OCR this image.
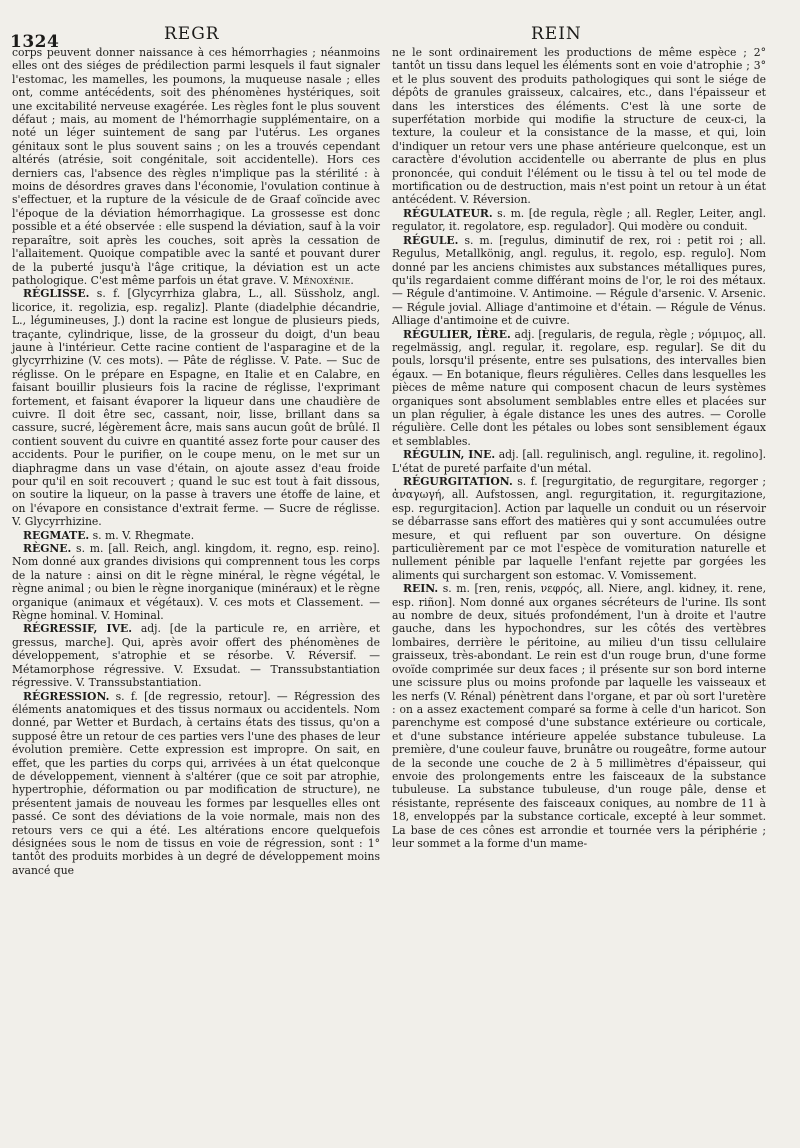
1324	REGR	REIN

corps peuvent donner naissance à ces hémorrhagies ; néanmoins elles ont des siéges de prédilection parmi lesquels il faut signaler l'estomac, les mamelles, les poumons, la muqueuse nasale ; elles ont, comme antécédents, soit des phénomènes hystériques, soit une excitabilité nerveuse exagérée. Les règles font le plus souvent défaut ; mais, au moment de l'hémorrhagie supplémentaire, on a noté un léger suintement de sang par l'utérus. Les organes génitaux sont le plus souvent sains ; on les a trouvés cependant altérés (atrésie, soit congénitale, soit accidentelle). Hors ces derniers cas, l'absence des règles n'implique pas la stérilité : à moins de désordres graves dans l'économie, l'ovulation continue à s'effectuer, et la rupture de la vésicule de de Graaf coïncide avec l'époque de la déviation hémorrhagique. La grossesse est donc possible et a été observée : elle suspend la déviation, sauf à la voir reparaître, soit après les couches, soit après la cessation de l'allaitement. Quoique compatible avec la santé et pouvant durer de la puberté jusqu'à l'âge critique, la déviation est un acte pathologique. C'est même parfois un état grave. V. Ménoxénie.

RÉGLISSE. s. f. [Glycyrrhiza glabra, L., all. Süssholz, angl. licorice, it. regolizia, esp. regaliz]. Plante (diadelphie décandrie, L., légumineuses, J.) dont la racine est longue de plusieurs pieds, traçante, cylindrique, lisse, de la grosseur du doigt, d'un beau jaune à l'intérieur. Cette racine contient de l'asparagine et de la glycyrrhizine (V. ces mots). — Pâte de réglisse. V. Pate. — Suc de réglisse. On le prépare en Espagne, en Italie et en Calabre, en faisant bouillir plusieurs fois la racine de réglisse, l'exprimant fortement, et faisant évaporer la liqueur dans une chaudière de cuivre. Il doit être sec, cassant, noir, lisse, brillant dans sa cassure, sucré, légèrement âcre, mais sans aucun goût de brûlé. Il contient souvent du cuivre en quantité assez forte pour causer des accidents. Pour le purifier, on le coupe menu, on le met sur un diaphragme dans un vase d'étain, on ajoute assez d'eau froide pour qu'il en soit recouvert ; quand le suc est tout à fait dissous, on soutire la liqueur, on la passe à travers une étoffe de laine, et on l'évapore en consistance d'extrait ferme. — Sucre de réglisse. V. Glycyrrhizine.

REGMATE. s. m. V. Rhegmate.

RÈGNE. s. m. [all. Reich, angl. kingdom, it. regno, esp. reino]. Nom donné aux grandes divisions qui comprennent tous les corps de la nature : ainsi on dit le règne minéral, le règne végétal, le règne animal ; ou bien le règne inorganique (minéraux) et le règne organique (animaux et végétaux). V. ces mots et Classement. — Règne hominal. V. Hominal.

RÉGRESSIF, IVE. adj. [de la particule re, en arrière, et gressus, marche]. Qui, après avoir offert des phénomènes de développement, s'atrophie et se résorbe. V. Réversif. — Métamorphose régressive. V. Exsudat. — Transsubstantiation régressive. V. Transsubstantiation.

RÉGRESSION. s. f. [de regressio, retour]. — Régression des éléments anatomiques et des tissus normaux ou accidentels. Nom donné, par Wetter et Burdach, à certains états des tissus, qu'on a supposé être un retour de ces parties vers l'une des phases de leur évolution première. Cette expression est impropre. On sait, en effet, que les parties du corps qui, arrivées à un état quelconque de développement, viennent à s'altérer (que ce soit par atrophie, hypertrophie, déformation ou par modification de structure), ne présentent jamais de nouveau les formes par lesquelles elles ont passé. Ce sont des déviations de la voie normale, mais non des retours vers ce qui a été. Les altérations encore quelquefois désignées sous le nom de tissus en voie de régression, sont : 1° tantôt des produits morbides à un degré de développement moins avancé que

ne le sont ordinairement les productions de même espèce ; 2° tantôt un tissu dans lequel les éléments sont en voie d'atrophie ; 3° et le plus souvent des produits pathologiques qui sont le siége de dépôts de granules graisseux, calcaires, etc., dans l'épaisseur et dans les interstices des éléments. C'est là une sorte de superfétation morbide qui modifie la structure de ceux-ci, la texture, la couleur et la consistance de la masse, et qui, loin d'indiquer un retour vers une phase antérieure quelconque, est un caractère d'évolution accidentelle ou aberrante de plus en plus prononcée, qui conduit l'élément ou le tissu à tel ou tel mode de mortification ou de destruction, mais n'est point un retour à un état antécédent. V. Réversion.

RÉGULATEUR. s. m. [de regula, règle ; all. Regler, Leiter, angl. regulator, it. regolatore, esp. regulador]. Qui modère ou conduit.

RÉGULE. s. m. [regulus, diminutif de rex, roi : petit roi ; all. Regulus, Metallkönig, angl. regulus, it. regolo, esp. regulo]. Nom donné par les anciens chimistes aux substances métalliques pures, qu'ils regardaient comme différant moins de l'or, le roi des métaux. — Régule d'antimoine. V. Antimoine. — Régule d'arsenic. V. Arsenic. — Régule jovial. Alliage d'antimoine et d'étain. — Régule de Vénus. Alliage d'antimoine et de cuivre.

RÉGULIER, IÈRE. adj. [regularis, de regula, règle ; νόμιμος, all. regelmässig, angl. regular, it. regolare, esp. regular]. Se dit du pouls, lorsqu'il présente, entre ses pulsations, des intervalles bien égaux. — En botanique, fleurs régulières. Celles dans lesquelles les pièces de même nature qui composent chacun de leurs systèmes organiques sont absolument semblables entre elles et placées sur un plan régulier, à égale distance les unes des autres. — Corolle régulière. Celle dont les pétales ou lobes sont sensiblement égaux et semblables.

RÉGULIN, INE. adj. [all. regulinisch, angl. reguline, it. regolino]. L'état de pureté parfaite d'un métal.

RÉGURGITATION. s. f. [regurgitatio, de regurgitare, regorger ; ἀναγωγή, all. Aufstossen, angl. regurgitation, it. regurgitazione, esp. regurgitacion]. Action par laquelle un conduit ou un réservoir se débarrasse sans effort des matières qui y sont accumulées outre mesure, et qui refluent par son ouverture. On désigne particulièrement par ce mot l'espèce de vomituration naturelle et nullement pénible par laquelle l'enfant rejette par gorgées les aliments qui surchargent son estomac. V. Vomissement.

REIN. s. m. [ren, renis, νεφρός, all. Niere, angl. kidney, it. rene, esp. riñon]. Nom donné aux organes sécréteurs de l'urine. Ils sont au nombre de deux, situés profondément, l'un à droite et l'autre gauche, dans les hypochondres, sur les côtés des vertèbres lombaires, derrière le péritoine, au milieu d'un tissu cellulaire graisseux, très-abondant. Le rein est d'un rouge brun, d'une forme ovoïde comprimée sur deux faces ; il présente sur son bord interne une scissure plus ou moins profonde par laquelle les vaisseaux et les nerfs (V. Rénal) pénètrent dans l'organe, et par où sort l'uretère : on a assez exactement comparé sa forme à celle d'un haricot. Son parenchyme est composé d'une substance extérieure ou corticale, et d'une substance intérieure appelée substance tubuleuse. La première, d'une couleur fauve, brunâtre ou rougeâtre, forme autour de la seconde une couche de 2 à 5 millimètres d'épaisseur, qui envoie des prolongements entre les faisceaux de la substance tubuleuse. La substance tubuleuse, d'un rouge pâle, dense et résistante, représente des faisceaux coniques, au nombre de 11 à 18, enveloppés par la substance corticale, excepté à leur sommet. La base de ces cônes est arrondie et tournée vers la périphérie ; leur sommet a la forme d'un mame-
